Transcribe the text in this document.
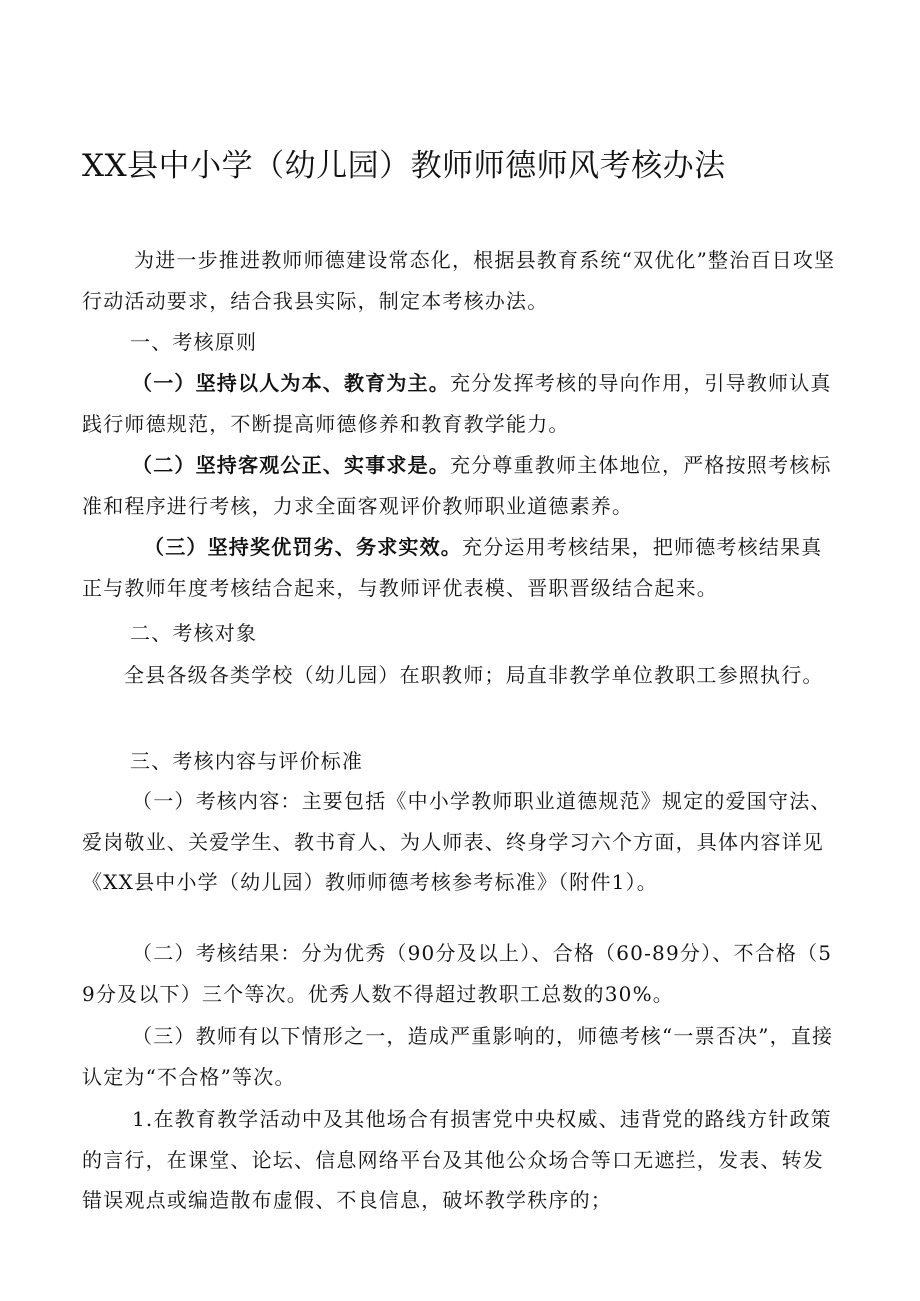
XX县中小学（幼儿园）教师师德师风考核办法

为进一步推进教师师德建设常态化，根据县教育系统“双优化”整治百日攻坚行动活动要求，结合我县实际，制定本考核办法。

一、考核原则

（一）坚持以人为本、教育为主。充分发挥考核的导向作用，引导教师认真践行师德规范，不断提高师德修养和教育教学能力。

（二）坚持客观公正、实事求是。充分尊重教师主体地位，严格按照考核标准和程序进行考核，力求全面客观评价教师职业道德素养。

（三）坚持奖优罚劣、务求实效。充分运用考核结果，把师德考核结果真正与教师年度考核结合起来，与教师评优表模、晋职晋级结合起来。

二、考核对象

全县各级各类学校（幼儿园）在职教师；局直非教学单位教职工参照执行。

三、考核内容与评价标准

（一）考核内容：主要包括《中小学教师职业道德规范》规定的爱国守法、爱岗敬业、关爱学生、教书育人、为人师表、终身学习六个方面，具体内容详见《XX县中小学（幼儿园）教师师德考核参考标准》（附件1）。

（二）考核结果：分为优秀（90分及以上）、合格（60-89分）、不合格（59分及以下）三个等次。优秀人数不得超过教职工总数的30%。

（三）教师有以下情形之一，造成严重影响的，师德考核“一票否决”，直接认定为“不合格”等次。

1.在教育教学活动中及其他场合有损害党中央权威、违背党的路线方针政策的言行，在课堂、论坛、信息网络平台及其他公众场合等口无遮拦，发表、转发错误观点或编造散布虚假、不良信息，破坏教学秩序的；
